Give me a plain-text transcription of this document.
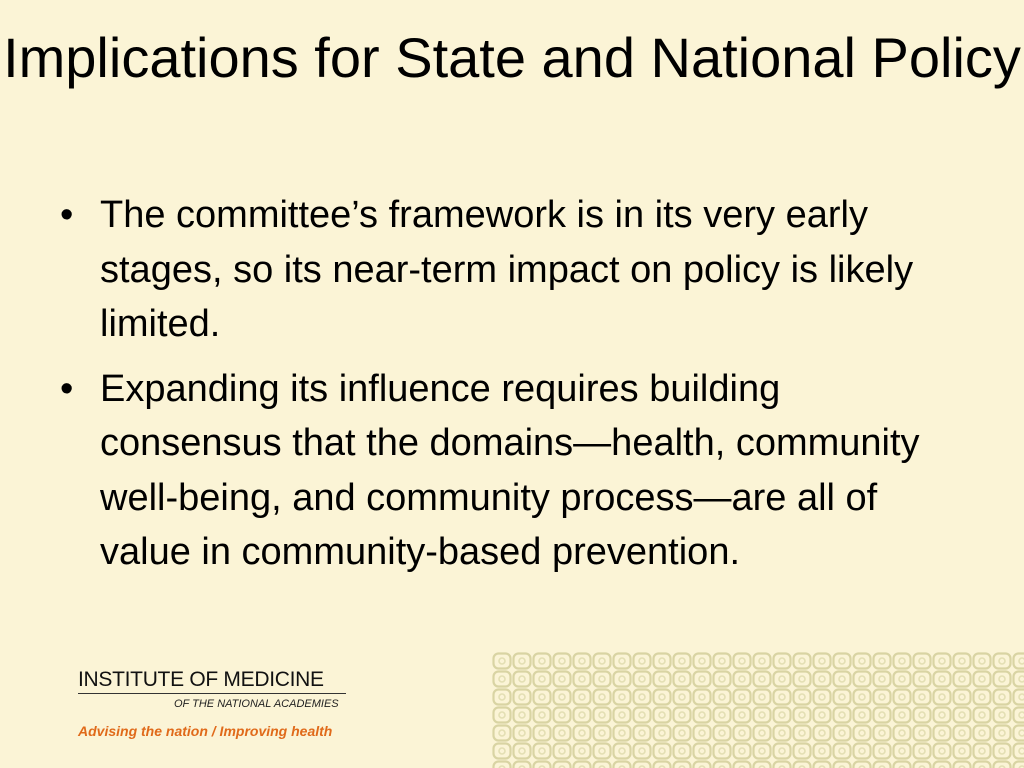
Implications for State and National Policy
• The committee’s framework is in its very early stages, so its near-term impact on policy is likely limited.
• Expanding its influence requires building consensus that the domains—health, community well-being, and community process—are all of value in community-based prevention.
INSTITUTE OF MEDICINE
OF THE NATIONAL ACADEMIES
Advising the nation / Improving health
